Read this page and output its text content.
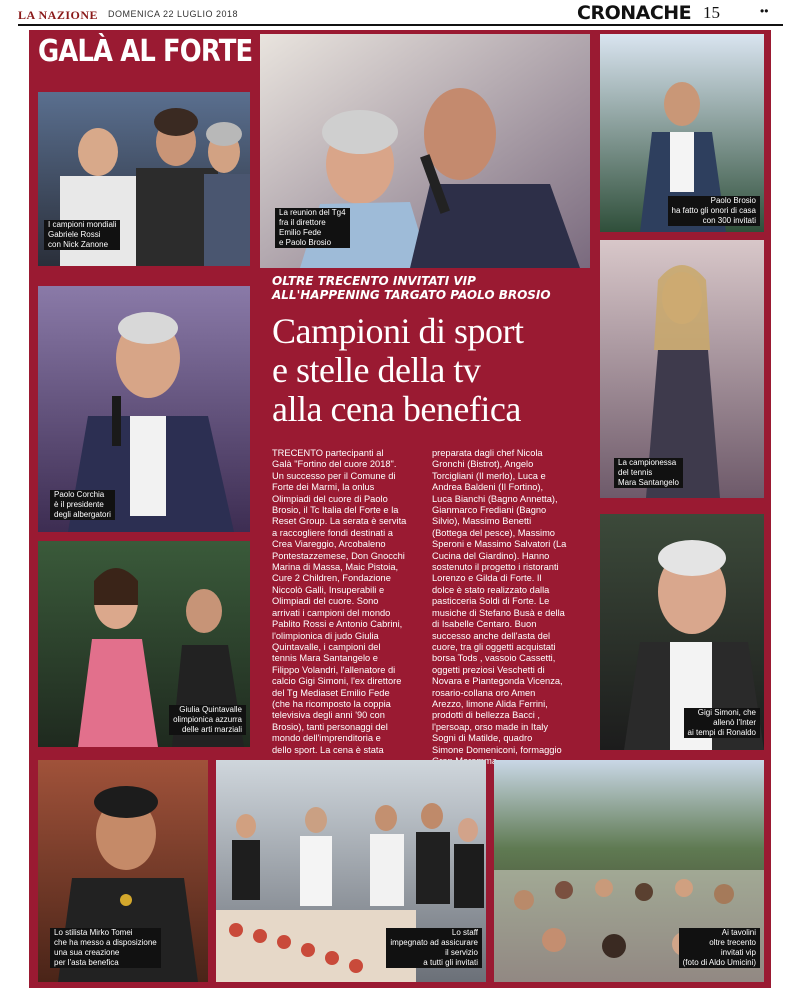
LA NAZIONE DOMENICA 22 LUGLIO 2018	CRONACHE 15	••
GALÀ AL FORTE
I campioni mondiali
Gabriele Rossi
con Nick Zanone
La reunion del Tg4
fra il direttore
Emilio Fede
e Paolo Brosio
Paolo Brosio
ha fatto gli onori di casa
con 300 invitati
Paolo Corchia
è il presidente
degli albergatori
OLTRE TRECENTO INVITATI VIP
ALL'HAPPENING TARGATO PAOLO BROSIO
Campioni di sport
e stelle della tv
alla cena benefica
TRECENTO partecipanti al
Galà "Fortino del cuore 2018".
Un successo per il Comune di
Forte dei Marmi, la onlus
Olimpiadi del cuore di Paolo
Brosio, il Tc Italia del Forte e la
Reset Group. La serata è servita
a raccogliere fondi destinati a
Crea Viareggio, Arcobaleno
Pontestazzemese, Don Gnocchi
Marina di Massa, Maic Pistoia,
Cure 2 Children, Fondazione
Niccolò Galli, Insuperabili e
Olimpiadi del cuore. Sono
arrivati i campioni del mondo
Pablito Rossi e Antonio Cabrini,
l'olimpionica di judo Giulia
Quintavalle, i campioni del
tennis Mara Santangelo e
Filippo Volandri, l'allenatore di
calcio Gigi Simoni, l'ex direttore
del Tg Mediaset Emilio Fede
(che ha ricomposto la coppia
televisiva degli anni '90 con
Brosio), tanti personaggi del
mondo dell'imprenditoria e
dello sport. La cena è stata
preparata dagli chef Nicola
Gronchi (Bistrot), Angelo
Torcigliani (Il merlo), Luca e
Andrea Baldeni (Il Fortino),
Luca Bianchi (Bagno Annetta),
Gianmarco Frediani (Bagno
Silvio), Massimo Benetti
(Bottega del pesce), Massimo
Speroni e Massimo Salvatori (La
Cucina del Giardino). Hanno
sostenuto il progetto i ristoranti
Lorenzo e Gilda di Forte. Il
dolce è stato realizzato dalla
pasticceria Soldi di Forte. Le
musiche di Stefano Busà e della
di Isabelle Centaro. Buon
successo anche dell'asta del
cuore, tra gli oggetti acquistati
borsa Tods , vassoio Cassetti,
oggetti preziosi Veschetti di
Novara e Piantegonda Vicenza,
rosario-collana oro Amen
Arezzo, limone Alida Ferrini,
prodotti di bellezza Bacci ,
l'persoap, orso made in Italy
Sogni di Matilde, quadro
Simone Domeniconi, formaggio
La campionessa
del tennis
Mara Santangelo
Giulia Quintavalle
olimpionica azzurra
delle arti marziali
Gigi Simoni, che
allenò l'Inter
ai tempi di Ronaldo
Lo stilista Mirko Tomei
che ha messo a disposizione
una sua creazione
per l'asta benefica
Lo staff
impegnato ad assicurare
il servizio
a tutti gli invitati
Ai tavolini
oltre trecento
invitati vip
(foto di Aldo Umicini)
